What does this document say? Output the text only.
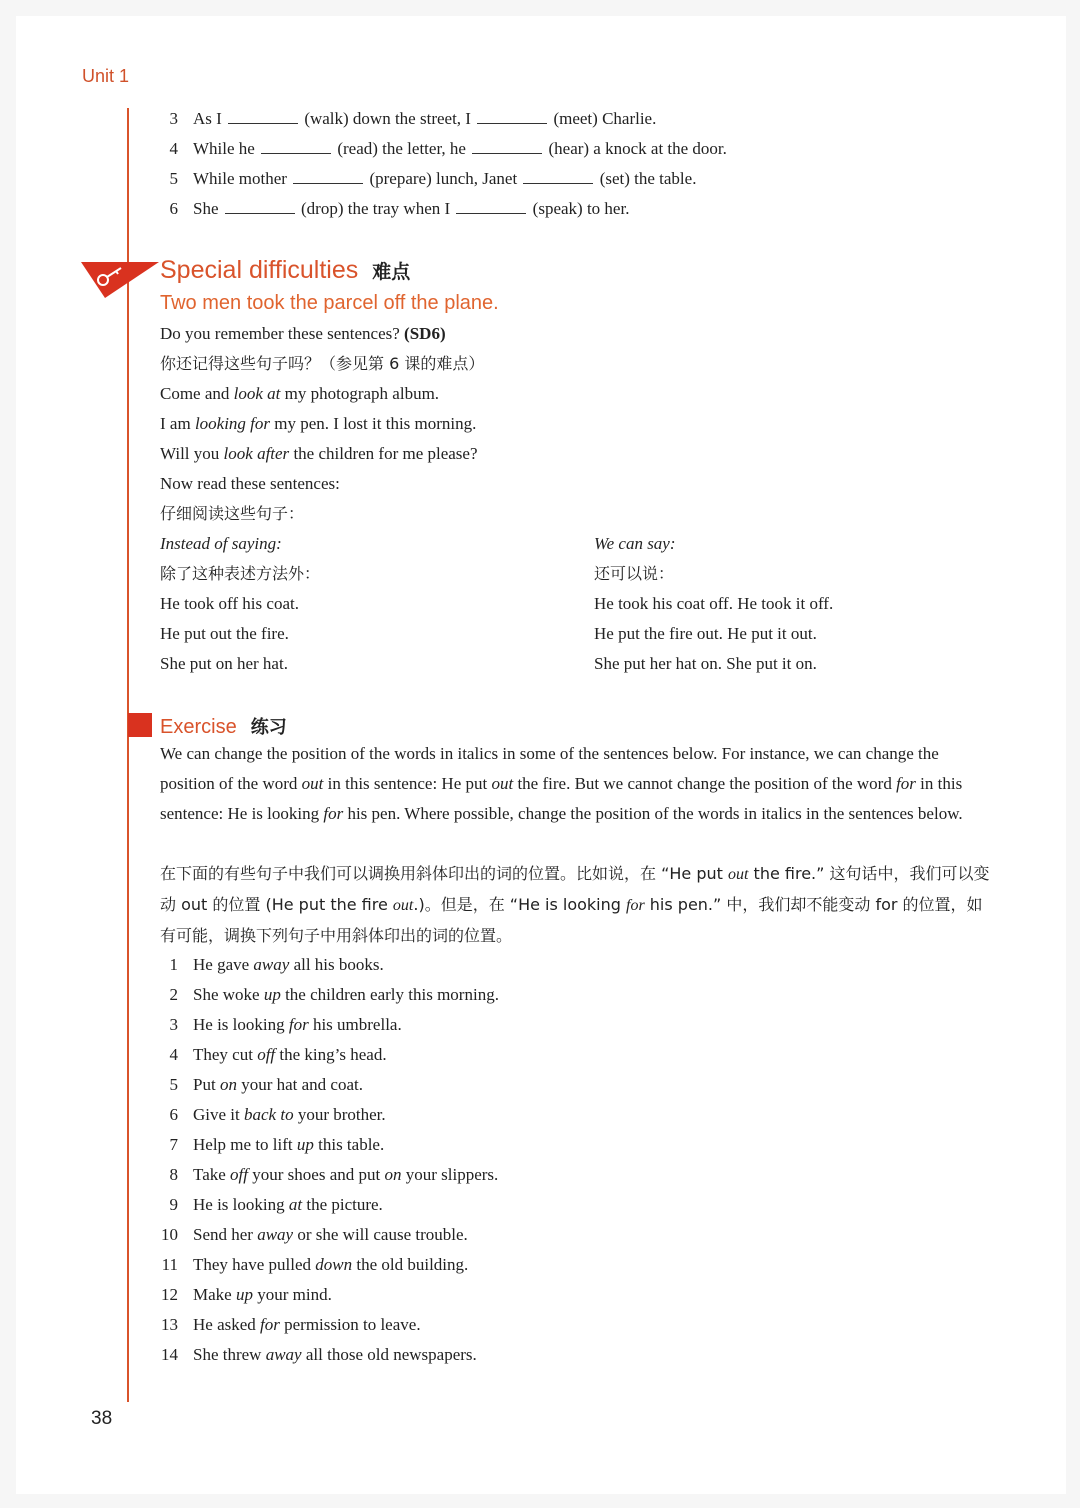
Unit 1
3 As I	(walk) down the street, I	(meet) Charlie.
4 While he	(read) the letter, he	(hear) a knock at the door.
5 While mother	(prepare) lunch, Janet	(set) the table.
6 She	(drop) the tray when I	(speak) to her.
Special difficulties 难点
Two men took the parcel off the plane.
Do you remember these sentences? (SD6)
你还记得这些句子吗？（参见第 6 课的难点）
Come and look at my photograph album.
I am looking for my pen. I lost it this morning.
Will you look after the children for me please?
Now read these sentences:
仔细阅读这些句子：
Instead of saying:	We can say:
除了这种表述方法外：	还可以说：
He took off his coat.	He took his coat off. He took it off.
He put out the fire.	He put the fire out. He put it out.
She put on her hat.	She put her hat on. She put it on.
Exercise 练习
We can change the position of the words in italics in some of the sentences below. For instance, we can change the position of the word out in this sentence: He put out the fire. But we cannot change the position of the word for in this sentence: He is looking for his pen. Where possible, change the position of the words in italics in the sentences below.
在下面的有些句子中我们可以调换用斜体印出的词的位置。比如说，在 “He put out the fire.” 这句话中，我们可以变动 out 的位置 (He put the fire out.)。但是，在 “He is looking for his pen.” 中，我们却不能变动 for 的位置，如有可能，调换下列句子中用斜体印出的词的位置。
1 He gave away all his books.
2 She woke up the children early this morning.
3 He is looking for his umbrella.
4 They cut off the king’s head.
5 Put on your hat and coat.
6 Give it back to your brother.
7 Help me to lift up this table.
8 Take off your shoes and put on your slippers.
9 He is looking at the picture.
10 Send her away or she will cause trouble.
11 They have pulled down the old building.
12 Make up your mind.
13 He asked for permission to leave.
14 She threw away all those old newspapers.
38
